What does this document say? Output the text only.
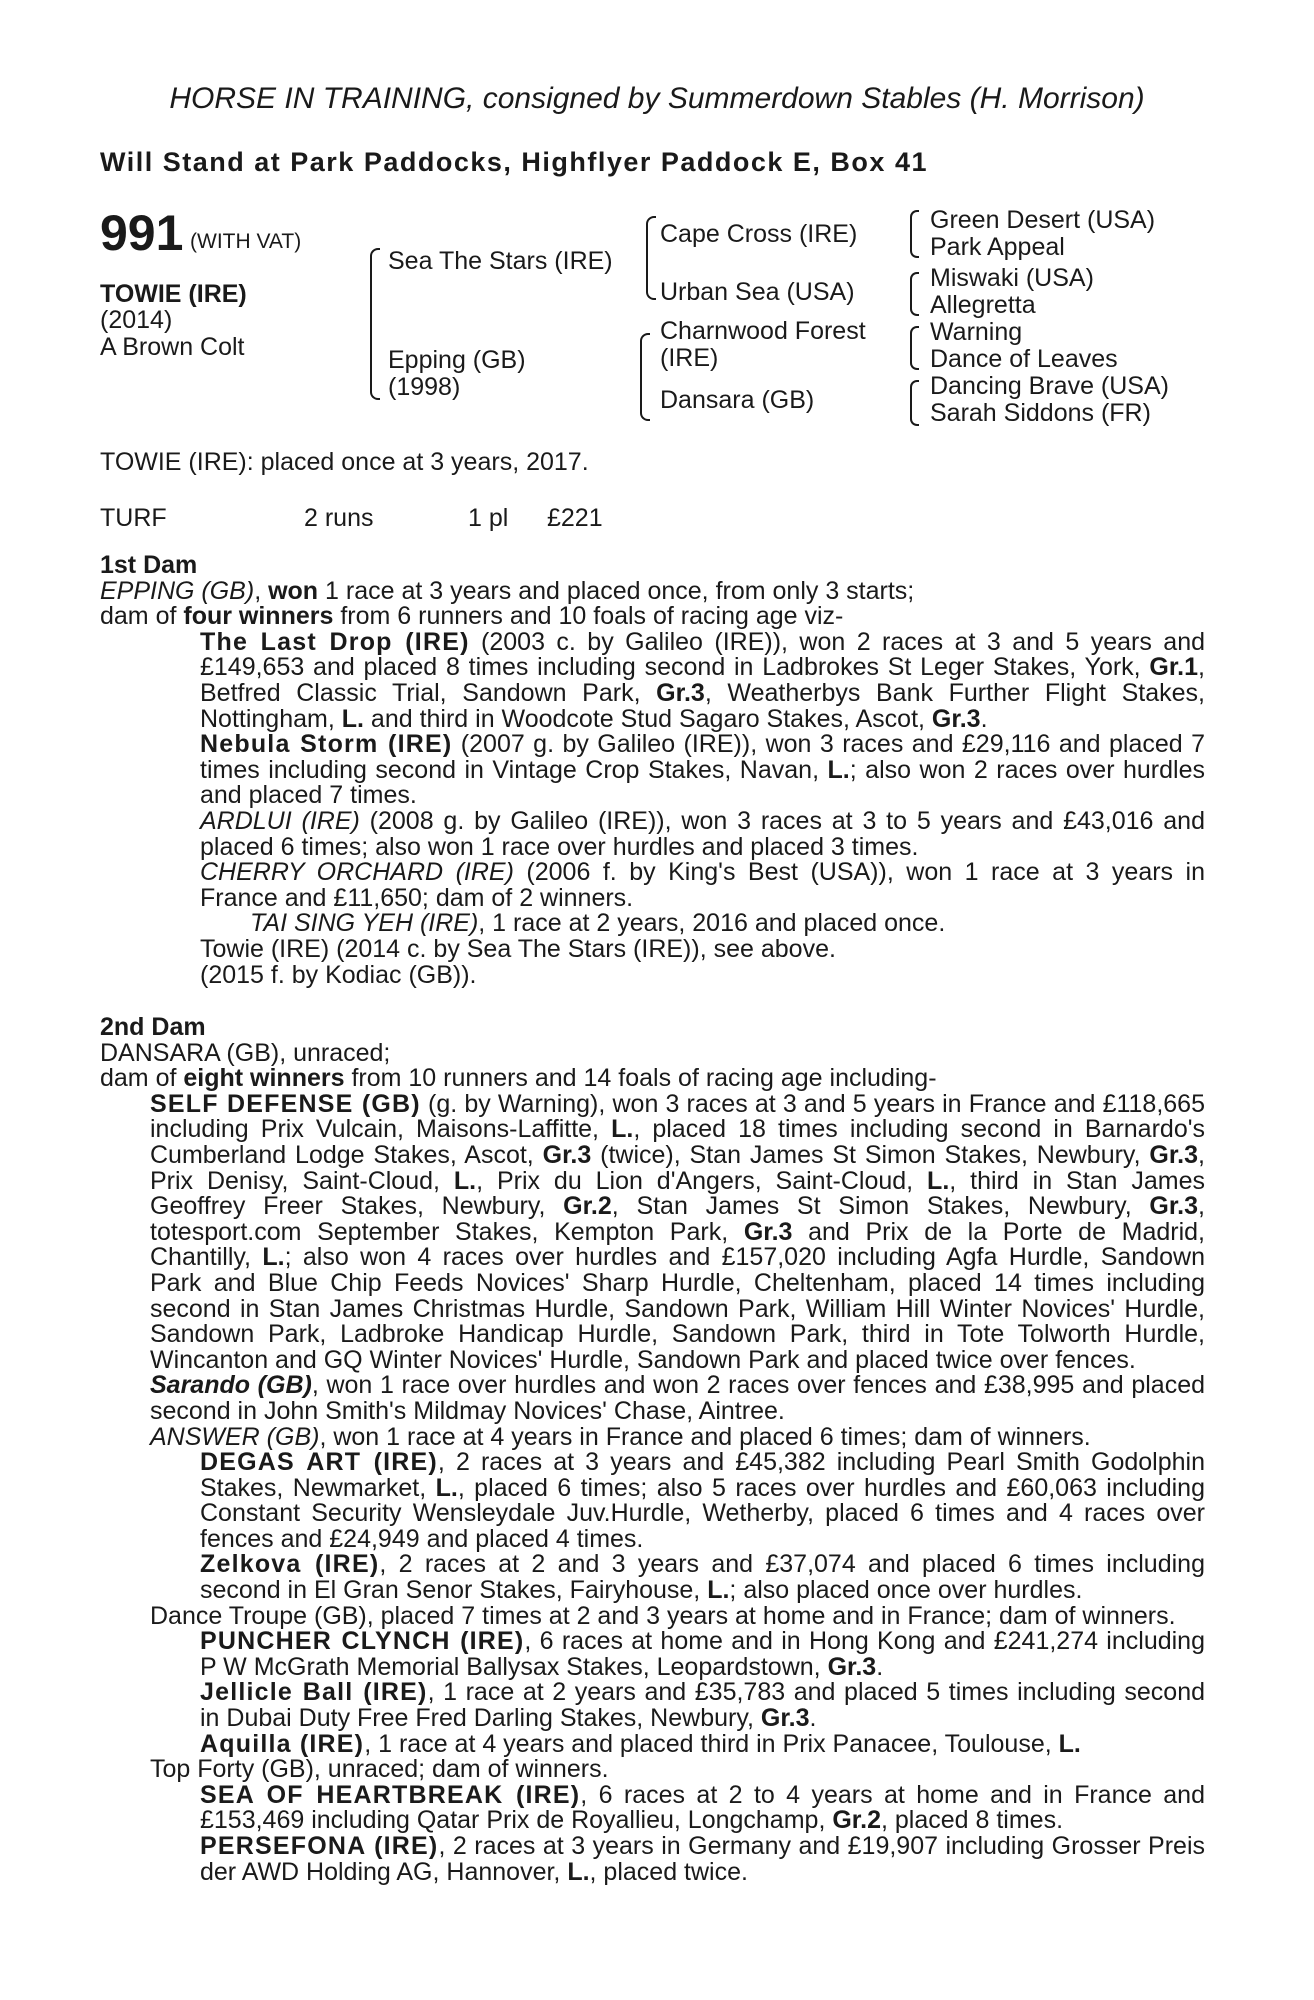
HORSE IN TRAINING, consigned by Summerdown Stables (H. Morrison)
Will Stand at Park Paddocks, Highflyer Paddock E, Box 41
991 (WITH VAT)
TOWIE (IRE)
(2014)
A Brown Colt
Sea The Stars (IRE)
Epping (GB)
(1998)
Cape Cross (IRE)
Urban Sea (USA)
Charnwood Forest
(IRE)
Dansara (GB)
Green Desert (USA)
Park Appeal
Miswaki (USA)
Allegretta
Warning
Dance of Leaves
Dancing Brave (USA)
Sarah Siddons (FR)
TOWIE (IRE): placed once at 3 years, 2017.
TURF	2 runs	1 pl £221

1st Dam

EPPING (GB), won 1 race at 3 years and placed once, from only 3 starts;

dam of four winners from 6 runners and 10 foals of racing age viz-

The Last Drop (IRE) (2003 c. by Galileo (IRE)), won 2 races at 3 and 5 years and £149,653 and placed 8 times including second in Ladbrokes St Leger Stakes, York, Gr.1, Betfred Classic Trial, Sandown Park, Gr.3, Weatherbys Bank Further Flight Stakes, Nottingham, L. and third in Woodcote Stud Sagaro Stakes, Ascot, Gr.3.

Nebula Storm (IRE) (2007 g. by Galileo (IRE)), won 3 races and £29,116 and placed 7 times including second in Vintage Crop Stakes, Navan, L.; also won 2 races over hurdles and placed 7 times.

ARDLUI (IRE) (2008 g. by Galileo (IRE)), won 3 races at 3 to 5 years and £43,016 and placed 6 times; also won 1 race over hurdles and placed 3 times.

CHERRY ORCHARD (IRE) (2006 f. by King's Best (USA)), won 1 race at 3 years in France and £11,650; dam of 2 winners.

TAI SING YEH (IRE), 1 race at 2 years, 2016 and placed once.

Towie (IRE) (2014 c. by Sea The Stars (IRE)), see above.

(2015 f. by Kodiac (GB)).

2nd Dam

DANSARA (GB), unraced;

dam of eight winners from 10 runners and 14 foals of racing age including-

SELF DEFENSE (GB) (g. by Warning), won 3 races at 3 and 5 years in France and £118,665 including Prix Vulcain, Maisons-Laffitte, L., placed 18 times including second in Barnardo's Cumberland Lodge Stakes, Ascot, Gr.3 (twice), Stan James St Simon Stakes, Newbury, Gr.3, Prix Denisy, Saint-Cloud, L., Prix du Lion d'Angers, Saint-Cloud, L., third in Stan James Geoffrey Freer Stakes, Newbury, Gr.2, Stan James St Simon Stakes, Newbury, Gr.3, totesport.com September Stakes, Kempton Park, Gr.3 and Prix de la Porte de Madrid, Chantilly, L.; also won 4 races over hurdles and £157,020 including Agfa Hurdle, Sandown Park and Blue Chip Feeds Novices' Sharp Hurdle, Cheltenham, placed 14 times including second in Stan James Christmas Hurdle, Sandown Park, William Hill Winter Novices' Hurdle, Sandown Park, Ladbroke Handicap Hurdle, Sandown Park, third in Tote Tolworth Hurdle, Wincanton and GQ Winter Novices' Hurdle, Sandown Park and placed twice over fences.

Sarando (GB), won 1 race over hurdles and won 2 races over fences and £38,995 and placed second in John Smith's Mildmay Novices' Chase, Aintree.

ANSWER (GB), won 1 race at 4 years in France and placed 6 times; dam of winners.

DEGAS ART (IRE), 2 races at 3 years and £45,382 including Pearl Smith Godolphin Stakes, Newmarket, L., placed 6 times; also 5 races over hurdles and £60,063 including Constant Security Wensleydale Juv.Hurdle, Wetherby, placed 6 times and 4 races over fences and £24,949 and placed 4 times.

Zelkova (IRE), 2 races at 2 and 3 years and £37,074 and placed 6 times including second in El Gran Senor Stakes, Fairyhouse, L.; also placed once over hurdles.

Dance Troupe (GB), placed 7 times at 2 and 3 years at home and in France; dam of winners.

PUNCHER CLYNCH (IRE), 6 races at home and in Hong Kong and £241,274 including P W McGrath Memorial Ballysax Stakes, Leopardstown, Gr.3.

Jellicle Ball (IRE), 1 race at 2 years and £35,783 and placed 5 times including second in Dubai Duty Free Fred Darling Stakes, Newbury, Gr.3.

Aquilla (IRE), 1 race at 4 years and placed third in Prix Panacee, Toulouse, L.

Top Forty (GB), unraced; dam of winners.

SEA OF HEARTBREAK (IRE), 6 races at 2 to 4 years at home and in France and £153,469 including Qatar Prix de Royallieu, Longchamp, Gr.2, placed 8 times.

PERSEFONA (IRE), 2 races at 3 years in Germany and £19,907 including Grosser Preis der AWD Holding AG, Hannover, L., placed twice.
